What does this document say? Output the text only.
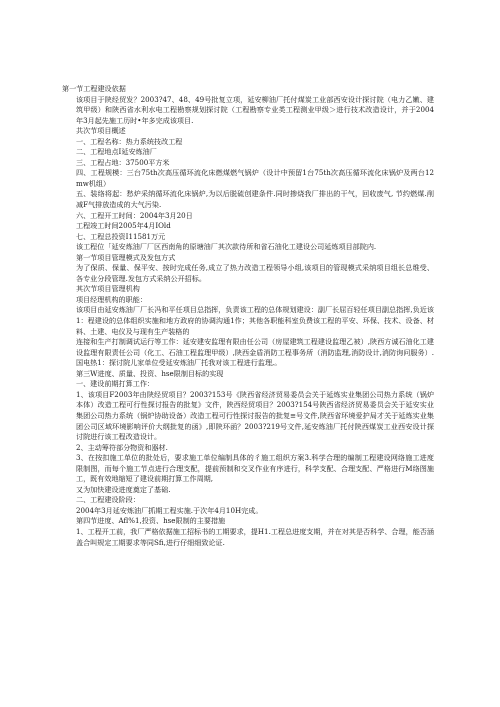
第一节工程建设依据

该项目于陕经贸发？2003?47、48、49号批复立项，延安柳油厂托付煤炭工业部西安设计探讨院（电力乙嫩、建筑甲级）和陕西省水利水电工程勘察规划探讨院（工程勘察专业类工程测业甲级＞进行技术改造设计，并于2004年3月起先施工历时•年多完成该项目.

共次节项目概述

一、工程名称：热力系统技改工程

二、工程地点I延安炼油厂

三、工程占地：37500平方米

四、工程规模：三台75th次高压循环流化床燃煤燃气锅炉（设计中预留1台75th次高压循环流化床锅炉及两台12mw机组）

五、装络将起：愁炉采纳循环流化床锅炉,为以后脱硫创建条件.同时掺烧我厂排出的干气，回收废气, 节约燃煤.削减F气排放造成的大气污染.

六、工程开工时间：2004年3月20日

工程竣工时间2005年4月IOld

七、工程总投资I11581万元

该工程位「延安炼油厂厂区西南角的原塘油厂其次款待所和省石油化工建设公司延炼项目部院内.

第一节项目管理模式及发包方式

为了保质、保量、保平安、按时完成任务,成立了热力改造工程领导小组,该项目的管现模式采纳项目组长总维受、各专业分段管理.发包方式采纳公开招标。

其次节项目管理机构

项目经理机构的职能：

该项目由延安炼油厂厂长冯和平任项目总指挥，负责该工程的总体规划建设：副厂长屈百轻任项目副总指挥,负近该1：程建设的总体组织实施和地方政府的协调沟通1作；其他各职能科室负费该工程的平安、环保、技术、设备、材料、土建、电仪及与现有生产装格的

连接和生产打制调试运行等工作：延安建安监理有限由任公司（房屋建筑工程建设监理乙被）,陕西方诚石油化工建设监理有限责任公司（化工、石油工程监理甲级）,陕西金盾消防工程事务所（消防监理,消防设计,消防询问服务）.国电热1：探讨院儿家单位受延安炼油厂托我对该工程进行监理,。

第三W进度、质量、投资、hse限制目标的实现

一、建设前期打算工作：

1、该项目F2003年由陕经贸项目？2003?153号《陕西省经济贸易委员会关于延炼实业集团公司热力系统（锅炉本体）改造工程可行性探讨报告的批复》文件，陕西经贸项目？2003?154号陕西省经济贸易委员会关于延安实业集团公司热力系统（锅炉协助设备）改造工程可行性探讨报告的批复≡号文件,陕西省环境爱护局才关于延炼实业集团公司区域环境影响评价大纲批复的函》,即陕环函？2003?219号文件,延安炼油厂托付陕西煤炭工业西安设计探讨院进行该工程改造设计。

2、主动筹符部分物资和器材.

3、在按扣施工单位的批处后，要求施工单位编制具体的彳施工组织方案3.科学合理的编制工程建设网络施工进度限制图，而每个施工节点进行合理支配，提前预制和交叉作业有序进行，科学支配、合理支配、严格进行M络图施工，既有效地缩短了建设前期打算工作周期,

又为加快建设进度奠定了基础.

二、工程建设阶段：

2004年3月延安炼油厂抓期工程实施.于次年4月10H完成。

第四节进度、Afl%1,投资、hse限制的主要措施

1、工程开工前，我厂严格依据施工招标书的工期要求，提H1.工程总进度支期，并在对其是否科学、合理，能否涵盖合叫规定工期要求等同Sfi,进行仔细细致论证.
